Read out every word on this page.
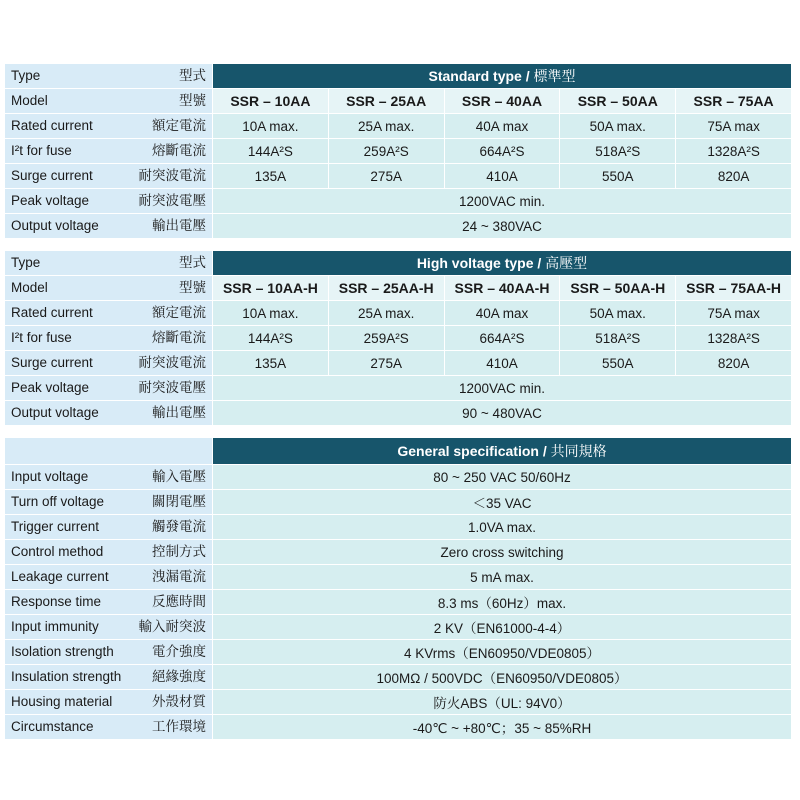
Type 型式	Standard type / 標準型				
Model 型號	SSR – 10AA	SSR – 25AA	SSR – 40AA	SSR – 50AA	SSR – 75AA
Rated current 額定電流	10A max.	25A max.	40A max	50A max.	75A max
I²t for fuse 熔斷電流	144A²S	259A²S	664A²S	518A²S	1328A²S
Surge current 耐突波電流	135A	275A	410A	550A	820A
Peak voltage 耐突波電壓	1200VAC min.				
Output voltage 輸出電壓	24 ~ 380VAC				
Type 型式	High voltage type / 高壓型				
Model 型號	SSR – 10AA-H	SSR – 25AA-H	SSR – 40AA-H	SSR – 50AA-H	SSR – 75AA-H
Rated current 額定電流	10A max.	25A max.	40A max	50A max.	75A max
I²t for fuse 熔斷電流	144A²S	259A²S	664A²S	518A²S	1328A²S
Surge current 耐突波電流	135A	275A	410A	550A	820A
Peak voltage 耐突波電壓	1200VAC min.				
Output voltage 輸出電壓	90 ~ 480VAC				
	General specification / 共同規格
Input voltage 輸入電壓	80 ~ 250 VAC 50/60Hz
Turn off voltage 關閉電壓	＜35 VAC
Trigger current 觸發電流	1.0VA max.
Control method 控制方式	Zero cross switching
Leakage current 洩漏電流	5 mA max.
Response time 反應時間	8.3 ms（60Hz）max.
Input immunity 輸入耐突波	2 KV（EN61000-4-4）
Isolation strength 電介強度	4 KVrms（EN60950/VDE0805）
Insulation strength 絕緣強度	100MΩ / 500VDC（EN60950/VDE0805）
Housing material 外殼材質	防火ABS（UL: 94V0）
Circumstance 工作環境	-40℃ ~ +80℃；35 ~ 85%RH
